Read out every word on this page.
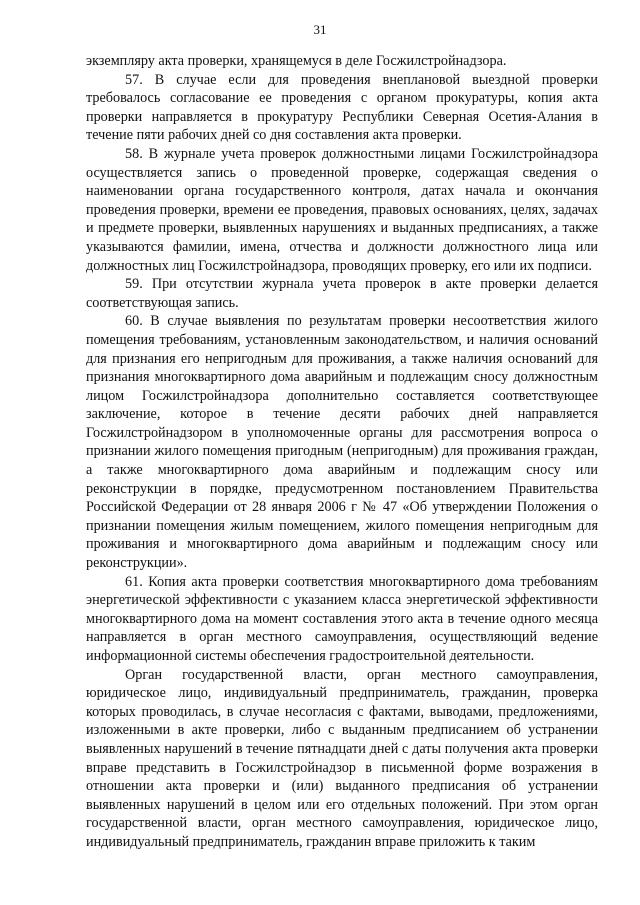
31

экземпляру акта проверки, хранящемуся в деле Госжилстройнадзора.

57. В случае если для проведения внеплановой выездной проверки требовалось согласование ее проведения с органом прокуратуры, копия акта проверки направляется в прокуратуру Республики Северная Осетия-Алания в течение пяти рабочих дней со дня составления акта проверки.

58. В журнале учета проверок должностными лицами Госжилстройнадзора осуществляется запись о проведенной проверке, содержащая сведения о наименовании органа государственного контроля, датах начала и окончания проведения проверки, времени ее проведения, правовых основаниях, целях, задачах и предмете проверки, выявленных нарушениях и выданных предписаниях, а также указываются фамилии, имена, отчества и должности должностного лица или должностных лиц Госжилстройнадзора, проводящих проверку, его или их подписи.

59. При отсутствии журнала учета проверок в акте проверки делается соответствующая запись.

60. В случае выявления по результатам проверки несоответствия жилого помещения требованиям, установленным законодательством, и наличия оснований для признания его непригодным для проживания, а также наличия оснований для признания многоквартирного дома аварийным и подлежащим сносу должностным лицом Госжилстройнадзора дополнительно составляется соответствующее заключение, которое в течение десяти рабочих дней направляется Госжилстройнадзором в уполномоченные органы для рассмотрения вопроса о признании жилого помещения пригодным (непригодным) для проживания граждан, а также многоквартирного дома аварийным и подлежащим сносу или реконструкции в порядке, предусмотренном постановлением Правительства Российской Федерации от 28 января 2006 г № 47 «Об утверждении Положения о признании помещения жилым помещением, жилого помещения непригодным для проживания и многоквартирного дома аварийным и подлежащим сносу или реконструкции».

61. Копия акта проверки соответствия многоквартирного дома требованиям энергетической эффективности с указанием класса энергетической эффективности многоквартирного дома на момент составления этого акта в течение одного месяца направляется в орган местного самоуправления, осуществляющий ведение информационной системы обеспечения градостроительной деятельности.

Орган государственной власти, орган местного самоуправления, юридическое лицо, индивидуальный предприниматель, гражданин, проверка которых проводилась, в случае несогласия с фактами, выводами, предложениями, изложенными в акте проверки, либо с выданным предписанием об устранении выявленных нарушений в течение пятнадцати дней с даты получения акта проверки вправе представить в Госжилстройнадзор в письменной форме возражения в отношении акта проверки и (или) выданного предписания об устранении выявленных нарушений в целом или его отдельных положений. При этом орган государственной власти, орган местного самоуправления, юридическое лицо, индивидуальный предприниматель, гражданин вправе приложить к таким
